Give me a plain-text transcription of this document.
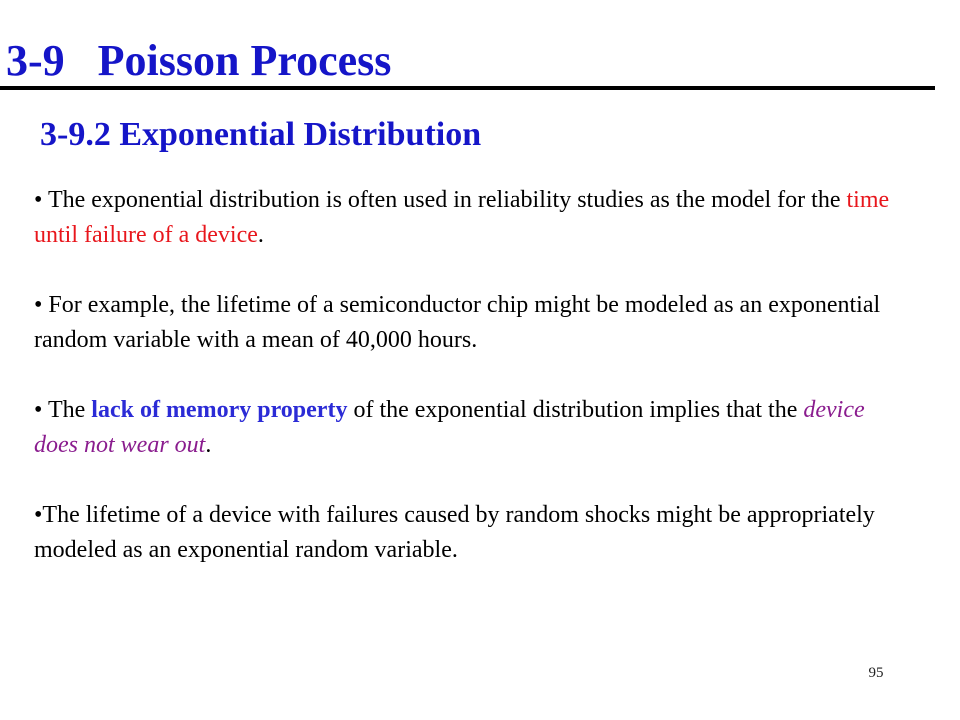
3-9   Poisson Process
3-9.2 Exponential Distribution

• The exponential distribution is often used in reliability studies as the model for the time until failure of a device.

• For example, the lifetime of a semiconductor chip might be modeled as an exponential random variable with a mean of 40,000 hours.

• The lack of memory property of the exponential distribution implies that the device does not wear out.

•The lifetime of a device with failures caused by random shocks might be appropriately modeled as an exponential random variable.

95
